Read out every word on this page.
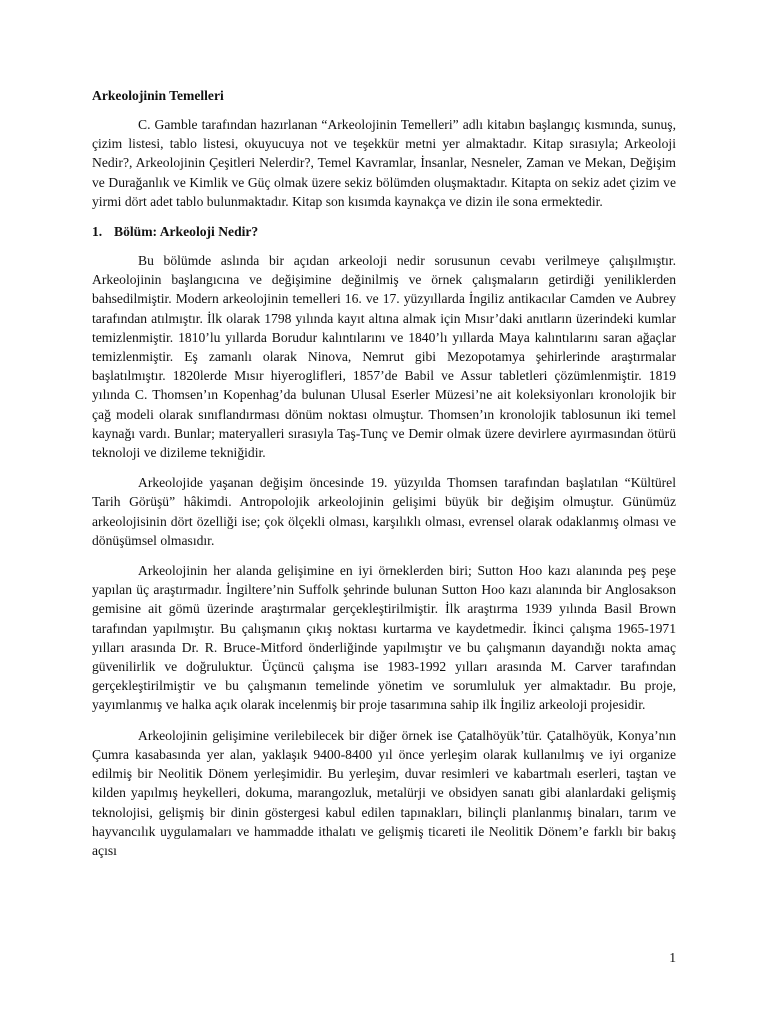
Arkeolojinin Temelleri

C. Gamble tarafından hazırlanan “Arkeolojinin Temelleri” adlı kitabın başlangıç kısmında, sunuş, çizim listesi, tablo listesi, okuyucuya not ve teşekkür metni yer almaktadır. Kitap sırasıyla; Arkeoloji Nedir?, Arkeolojinin Çeşitleri Nelerdir?, Temel Kavramlar, İnsanlar, Nesneler, Zaman ve Mekan, Değişim ve Durağanlık ve Kimlik ve Güç olmak üzere sekiz bölümden oluşmaktadır. Kitapta on sekiz adet çizim ve yirmi dört adet tablo bulunmaktadır. Kitap son kısımda kaynakça ve dizin ile sona ermektedir.

1. Bölüm: Arkeoloji Nedir?

Bu bölümde aslında bir açıdan arkeoloji nedir sorusunun cevabı verilmeye çalışılmıştır. Arkeolojinin başlangıcına ve değişimine değinilmiş ve örnek çalışmaların getirdiği yeniliklerden bahsedilmiştir. Modern arkeolojinin temelleri 16. ve 17. yüzyıllarda İngiliz antikacılar Camden ve Aubrey tarafından atılmıştır. İlk olarak 1798 yılında kayıt altına almak için Mısır’daki anıtların üzerindeki kumlar temizlenmiştir. 1810’lu yıllarda Borudur kalıntılarını ve 1840’lı yıllarda Maya kalıntılarını saran ağaçlar temizlenmiştir. Eş zamanlı olarak Ninova, Nemrut gibi Mezopotamya şehirlerinde araştırmalar başlatılmıştır. 1820lerde Mısır hiyeroglifleri, 1857’de Babil ve Assur tabletleri çözümlenmiştir. 1819 yılında C. Thomsen’ın Kopenhag’da bulunan Ulusal Eserler Müzesi’ne ait koleksiyonları kronolojik bir çağ modeli olarak sınıflandırması dönüm noktası olmuştur. Thomsen’ın kronolojik tablosunun iki temel kaynağı vardı. Bunlar; materyalleri sırasıyla Taş-Tunç ve Demir olmak üzere devirlere ayırmasından ötürü teknoloji ve dizileme tekniğidir.

Arkeolojide yaşanan değişim öncesinde 19. yüzyılda Thomsen tarafından başlatılan “Kültürel Tarih Görüşü” hâkimdi. Antropolojik arkeolojinin gelişimi büyük bir değişim olmuştur. Günümüz arkeolojisinin dört özelliği ise; çok ölçekli olması, karşılıklı olması, evrensel olarak odaklanmış olması ve dönüşümsel olmasıdır.

Arkeolojinin her alanda gelişimine en iyi örneklerden biri; Sutton Hoo kazı alanında peş peşe yapılan üç araştırmadır. İngiltere’nin Suffolk şehrinde bulunan Sutton Hoo kazı alanında bir Anglosakson gemisine ait gömü üzerinde araştırmalar gerçekleştirilmiştir. İlk araştırma 1939 yılında Basil Brown tarafından yapılmıştır. Bu çalışmanın çıkış noktası kurtarma ve kaydetmedir. İkinci çalışma 1965-1971 yılları arasında Dr. R. Bruce-Mitford önderliğinde yapılmıştır ve bu çalışmanın dayandığı nokta amaç güvenilirlik ve doğruluktur. Üçüncü çalışma ise 1983-1992 yılları arasında M. Carver tarafından gerçekleştirilmiştir ve bu çalışmanın temelinde yönetim ve sorumluluk yer almaktadır. Bu proje, yayımlanmış ve halka açık olarak incelenmiş bir proje tasarımına sahip ilk İngiliz arkeoloji projesidir.

Arkeolojinin gelişimine verilebilecek bir diğer örnek ise Çatalhöyük’tür. Çatalhöyük, Konya’nın Çumra kasabasında yer alan, yaklaşık 9400-8400 yıl önce yerleşim olarak kullanılmış ve iyi organize edilmiş bir Neolitik Dönem yerleşimidir. Bu yerleşim, duvar resimleri ve kabartmalı eserleri, taştan ve kilden yapılmış heykelleri, dokuma, marangozluk, metalürji ve obsidyen sanatı gibi alanlardaki gelişmiş teknolojisi, gelişmiş bir dinin göstergesi kabul edilen tapınakları, bilinçli planlanmış binaları, tarım ve hayvancılık uygulamaları ve hammadde ithalatı ve gelişmiş ticareti ile Neolitik Dönem’e farklı bir bakış açısı

1
